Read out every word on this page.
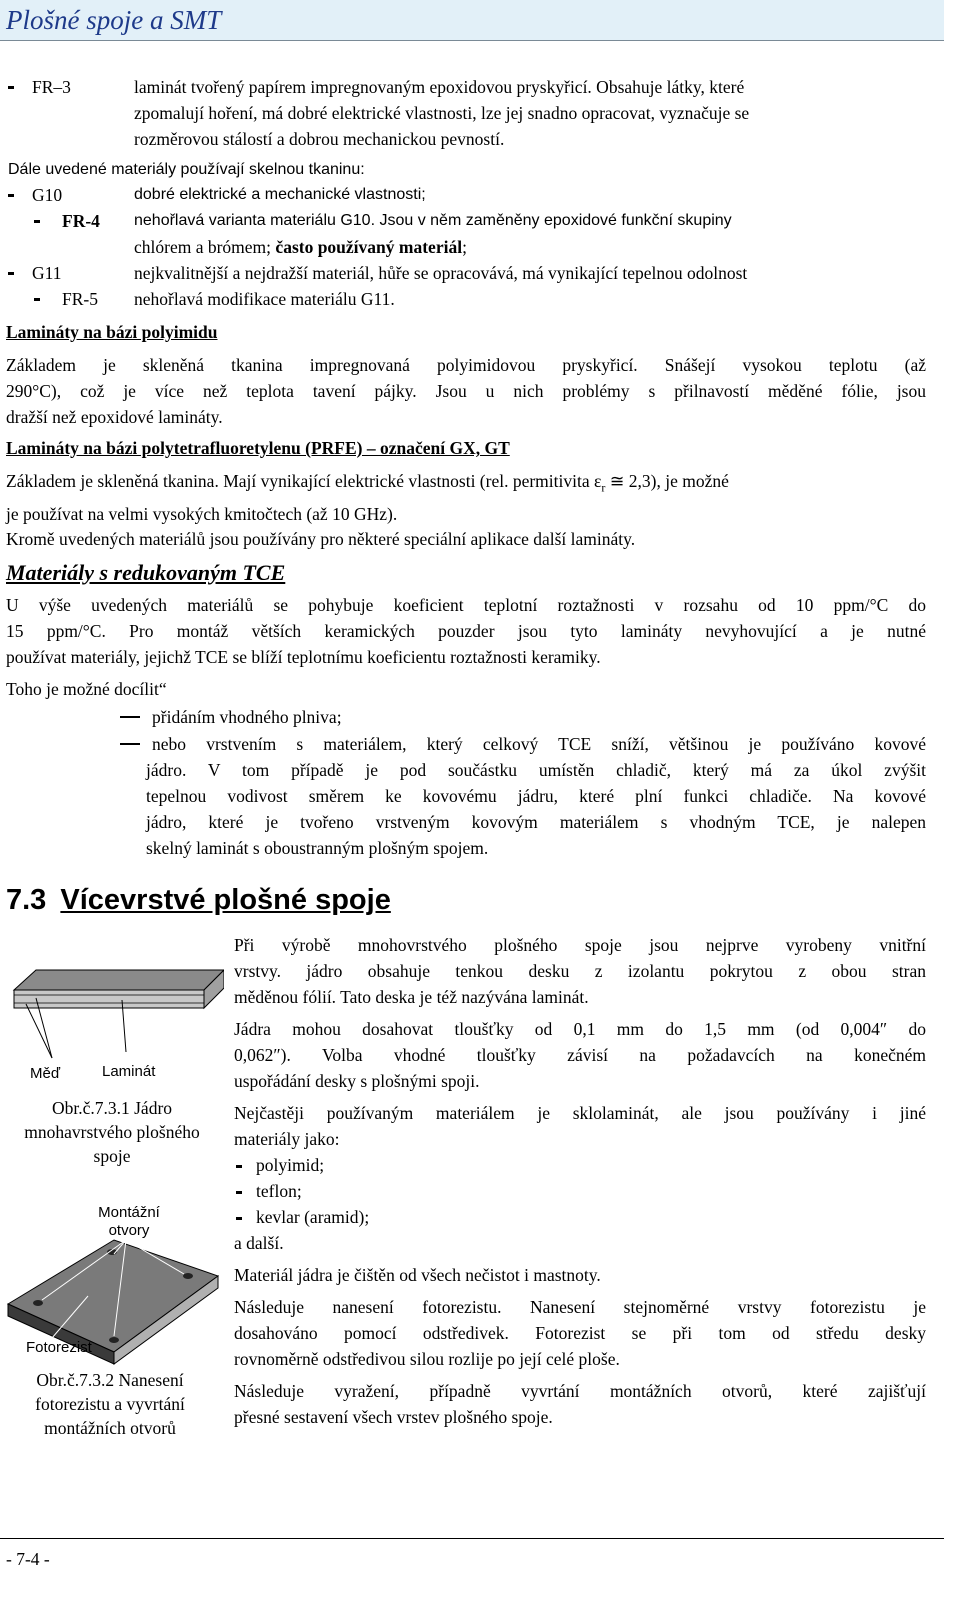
Plošné spoje a SMT
FR–3	laminát tvořený papírem impregnovaným epoxidovou pryskyřicí. Obsahuje látky, které
zpomalují hoření, má dobré elektrické vlastnosti, lze jej snadno opracovat, vyznačuje se
rozměrovou stálostí a dobrou mechanickou pevností.
Dále uvedené materiály používají skelnou tkaninu:
G10	dobré elektrické a mechanické vlastnosti;
FR-4 nehořlavá varianta materiálu G10. Jsou v něm zaměněny epoxidové funkční skupiny
chlórem a brómem; často používaný materiál;
G11	nejkvalitnější a nejdražší materiál, hůře se opracovává, má vynikající tepelnou odolnost
FR-5 nehořlavá modifikace materiálu G11.
Lamináty na bázi polyimidu
Základem je skleněná tkanina impregnovaná polyimidovou pryskyřicí. Snášejí vysokou teplotu (až
290°C), což je více než teplota tavení pájky. Jsou u nich problémy s přilnavostí měděné fólie, jsou
dražší než epoxidové lamináty.
Lamináty na bázi polytetrafluoretylenu (PRFE) – označení GX, GT
Základem je skleněná tkanina. Mají vynikající elektrické vlastnosti (rel. permitivita $\varepsilon_r$ ≅ 2,3), je možné
je používat na velmi vysokých kmitočtech (až 10 GHz).
Kromě uvedených materiálů jsou používány pro některé speciální aplikace další lamináty.
Materiály s redukovaným TCE
U výše uvedených materiálů se pohybuje koeficient teplotní roztažnosti v rozsahu od 10 ppm/°C do
15 ppm/°C. Pro montáž větších keramických pouzder jsou tyto lamináty nevyhovující a je nutné
používat materiály, jejichž TCE se blíží teplotnímu koeficientu roztažnosti keramiky.
Toho je možné docílit“
přidáním vhodného plniva;
nebo vrstvením s materiálem, který celkový TCE sníží, většinou je používáno kovové
jádro. V tom případě je pod součástku umístěn chladič, který má za úkol zvýšit
tepelnou vodivost směrem ke kovovému jádru, které plní funkci chladiče. Na kovové
jádro, které je tvořeno vrstveným kovovým materiálem s vhodným TCE, je nalepen
skelný laminát s oboustranným plošným spojem.
7.3 Vícevrstvé plošné spoje
Měď	Laminát
Obr.č.7.3.1 Jádro
mnohavrstvého plošného
spoje
Montážní
otvory
Fotorezist
Obr.č.7.3.2 Nanesení
fotorezistu a vyvrtání
montážních otvorů
Při výrobě mnohovrstvého plošného spoje jsou nejprve vyrobeny vnitřní
vrstvy. jádro obsahuje tenkou desku z izolantu pokrytou z obou stran
měděnou fólií. Tato deska je též nazývána laminát.
Jádra mohou dosahovat tloušťky od 0,1 mm do 1,5 mm (od 0,004″ do
0,062″). Volba vhodné tloušťky závisí na požadavcích na konečném
uspořádání desky s plošnými spoji.
Nejčastěji používaným materiálem je sklolaminát, ale jsou používány i jiné
materiály jako:
polyimid;
teflon;
kevlar (aramid);
a další.
Materiál jádra je čištěn od všech nečistot i mastnoty.
Následuje nanesení fotorezistu. Nanesení stejnoměrné vrstvy fotorezistu je
dosahováno pomocí odstředivek. Fotorezist se při tom od středu desky
rovnoměrně odstředivou silou rozlije po její celé ploše.
Následuje vyražení, případně vyvrtání montážních otvorů, které zajišťují
přesné sestavení všech vrstev plošného spoje.
- 7-4 -
